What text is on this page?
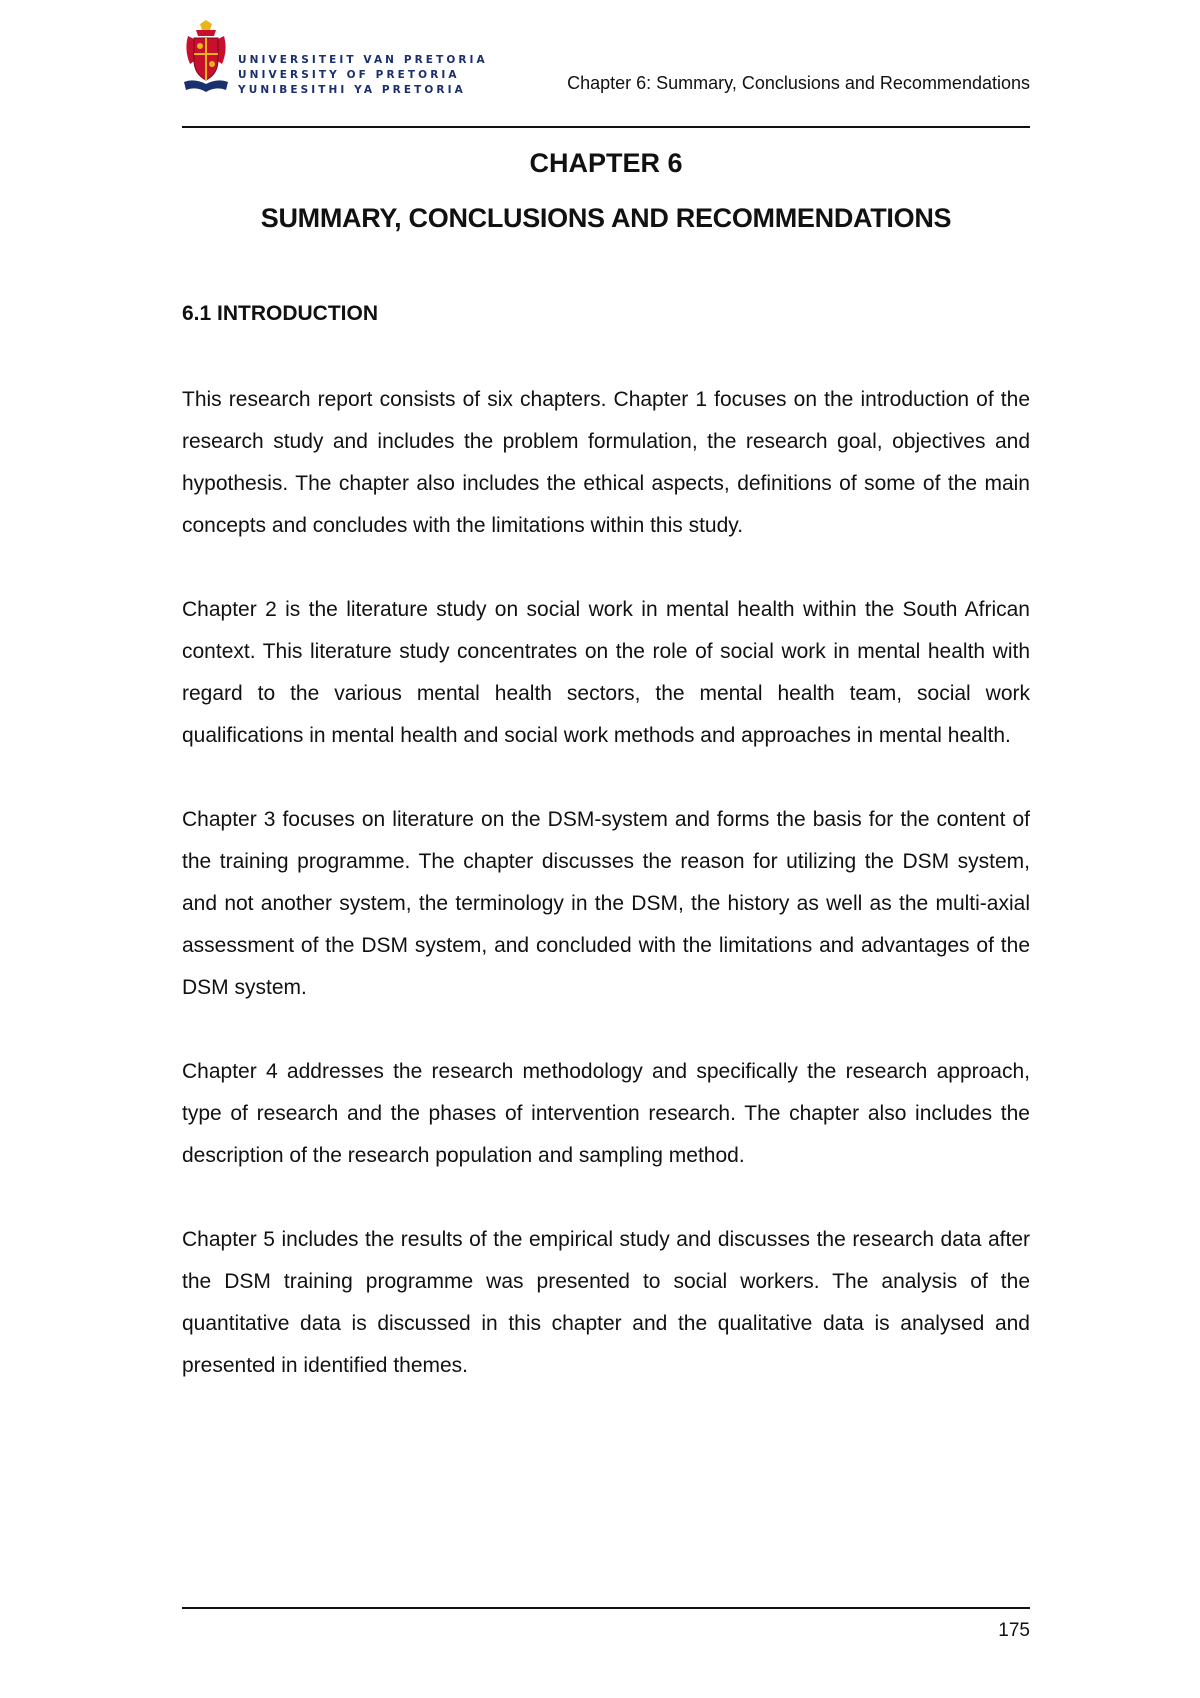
UNIVERSITEIT VAN PRETORIA
UNIVERSITY OF PRETORIA
YUNIBESITHI YA PRETORIA	Chapter 6: Summary, Conclusions and Recommendations
CHAPTER 6
SUMMARY, CONCLUSIONS AND RECOMMENDATIONS
6.1 INTRODUCTION

This research report consists of six chapters. Chapter 1 focuses on the introduction of the research study and includes the problem formulation, the research goal, objectives and hypothesis. The chapter also includes the ethical aspects, definitions of some of the main concepts and concludes with the limitations within this study.

Chapter 2 is the literature study on social work in mental health within the South African context. This literature study concentrates on the role of social work in mental health with regard to the various mental health sectors, the mental health team, social work qualifications in mental health and social work methods and approaches in mental health.

Chapter 3 focuses on literature on the DSM-system and forms the basis for the content of the training programme. The chapter discusses the reason for utilizing the DSM system, and not another system, the terminology in the DSM, the history as well as the multi-axial assessment of the DSM system, and concluded with the limitations and advantages of the DSM system.

Chapter 4 addresses the research methodology and specifically the research approach, type of research and the phases of intervention research. The chapter also includes the description of the research population and sampling method.

Chapter 5 includes the results of the empirical study and discusses the research data after the DSM training programme was presented to social workers. The analysis of the quantitative data is discussed in this chapter and the qualitative data is analysed and presented in identified themes.

175
